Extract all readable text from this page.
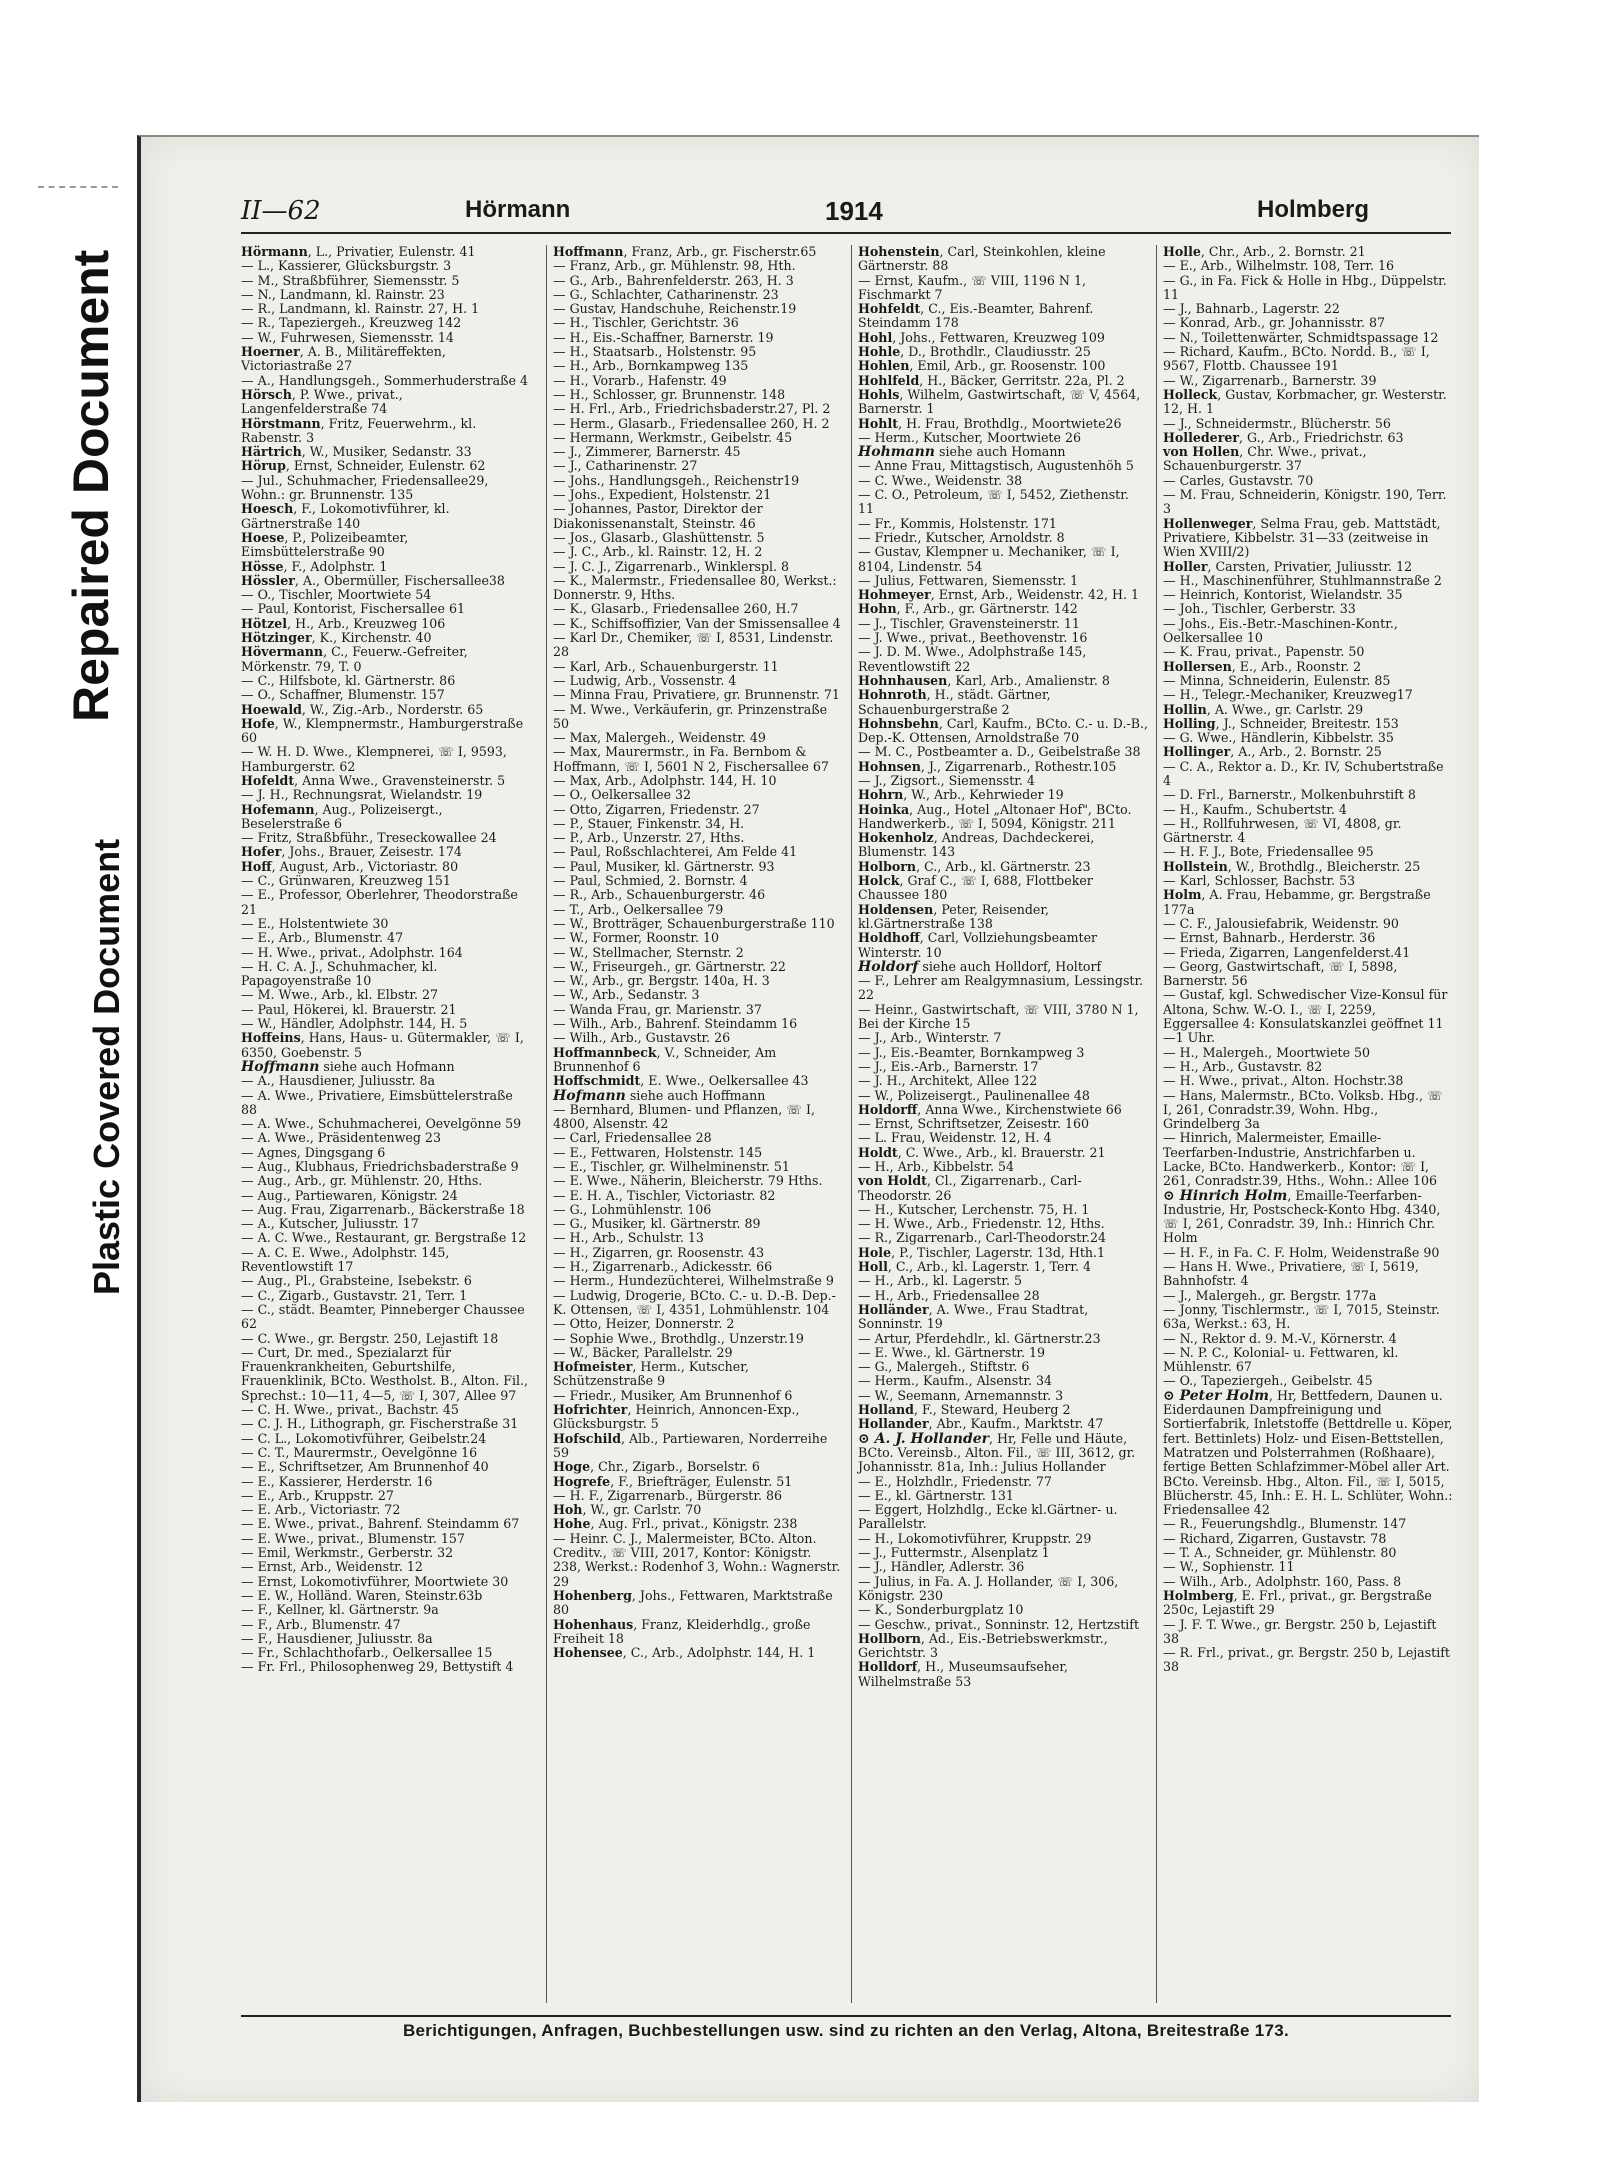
Repaired Document
Plastic Covered Document
II—62	Hörmann	1914	Holmberg

Hörmann, L., Privatier, Eulenstr. 41

— L., Kassierer, Glücksburgstr. 3

— M., Straßbführer, Siemensstr. 5

— N., Landmann, kl. Rainstr. 23

— R., Landmann, kl. Rainstr. 27, H. 1

— R., Tapeziergeh., Kreuzweg 142

— W., Fuhrwesen, Siemensstr. 14

Hoerner, A. B., Militäreffekten, Victoriastraße 27

— A., Handlungsgeh., Sommerhuderstraße 4

Hörsch, P. Wwe., privat., Langenfelderstraße 74

Hörstmann, Fritz, Feuerwehrm., kl. Rabenstr. 3

Härtrich, W., Musiker, Sedanstr. 33

Hörup, Ernst, Schneider, Eulenstr. 62

— Jul., Schuhmacher, Friedensallee29, Wohn.: gr. Brunnenstr. 135

Hoesch, F., Lokomotivführer, kl. Gärtnerstraße 140

Hoese, P., Polizeibeamter, Eimsbüttelerstraße 90

Hösse, F., Adolphstr. 1

Hössler, A., Obermüller, Fischersallee38

— O., Tischler, Moortwiete 54

— Paul, Kontorist, Fischersallee 61

Hötzel, H., Arb., Kreuzweg 106

Hötzinger, K., Kirchenstr. 40

Hövermann, C., Feuerw.-Gefreiter, Mörkenstr. 79, T. 0

— C., Hilfsbote, kl. Gärtnerstr. 86

— O., Schaffner, Blumenstr. 157

Hoewald, W., Zig.-Arb., Norderstr. 65

Hofe, W., Klempnermstr., Hamburgerstraße 60

— W. H. D. Wwe., Klempnerei, ☏ I, 9593, Hamburgerstr. 62

Hofeldt, Anna Wwe., Gravensteinerstr. 5

— J. H., Rechnungsrat, Wielandstr. 19

Hofemann, Aug., Polizeisergt., Beselerstraße 6

— Fritz, Straßbführ., Treseckowallee 24

Hofer, Johs., Brauer, Zeisestr. 174

Hoff, August, Arb., Victoriastr. 80

— C., Grünwaren, Kreuzweg 151

— E., Professor, Oberlehrer, Theodorstraße 21

— E., Holstentwiete 30

— E., Arb., Blumenstr. 47

— H. Wwe., privat., Adolphstr. 164

— H. C. A. J., Schuhmacher, kl. Papagoyenstraße 10

— M. Wwe., Arb., kl. Elbstr. 27

— Paul, Hökerei, kl. Brauerstr. 21

— W., Händler, Adolphstr. 144, H. 5

Hoffeins, Hans, Haus- u. Gütermakler, ☏ I, 6350, Goebenstr. 5

Hoffmann siehe auch Hofmann

— A., Hausdiener, Juliusstr. 8a

— A. Wwe., Privatiere, Eimsbüttelerstraße 88

— A. Wwe., Schuhmacherei, Oevelgönne 59

— A. Wwe., Präsidentenweg 23

— Agnes, Dingsgang 6

— Aug., Klubhaus, Friedrichsbaderstraße 9

— Aug., Arb., gr. Mühlenstr. 20, Hths.

— Aug., Partiewaren, Königstr. 24

— Aug. Frau, Zigarrenarb., Bäckerstraße 18

— A., Kutscher, Juliusstr. 17

— A. C. Wwe., Restaurant, gr. Bergstraße 12

— A. C. E. Wwe., Adolphstr. 145, Reventlowstift 17

— Aug., Pl., Grabsteine, Isebekstr. 6

— C., Zigarb., Gustavstr. 21, Terr. 1

— C., städt. Beamter, Pinneberger Chaussee 62

— C. Wwe., gr. Bergstr. 250, Lejastift 18

— Curt, Dr. med., Spezialarzt für Frauenkrankheiten, Geburtshilfe, Frauenklinik, BCto. Westholst. B., Alton. Fil., Sprechst.: 10—11, 4—5, ☏ I, 307, Allee 97

— C. H. Wwe., privat., Bachstr. 45

— C. J. H., Lithograph, gr. Fischerstraße 31

— C. L., Lokomotivführer, Geibelstr.24

— C. T., Maurermstr., Oevelgönne 16

— E., Schriftsetzer, Am Brunnenhof 40

— E., Kassierer, Herderstr. 16

— E., Arb., Kruppstr. 27

— E. Arb., Victoriastr. 72

— E. Wwe., privat., Bahrenf. Steindamm 67

— E. Wwe., privat., Blumenstr. 157

— Emil, Werkmstr., Gerberstr. 32

— Ernst, Arb., Weidenstr. 12

— Ernst, Lokomotivführer, Moortwiete 30

— E. W., Holländ. Waren, Steinstr.63b

— F., Kellner, kl. Gärtnerstr. 9a

— F., Arb., Blumenstr. 47

— F., Hausdiener, Juliusstr. 8a

— Fr., Schlachthofarb., Oelkersallee 15

— Fr. Frl., Philosophenweg 29, Bettystift 4

Hoffmann, Franz, Arb., gr. Fischerstr.65

— Franz, Arb., gr. Mühlenstr. 98, Hth.

— G., Arb., Bahrenfelderstr. 263, H. 3

— G., Schlachter, Catharinenstr. 23

— Gustav, Handschuhe, Reichenstr.19

— H., Tischler, Gerichtstr. 36

— H., Eis.-Schaffner, Barnerstr. 19

— H., Staatsarb., Holstenstr. 95

— H., Arb., Bornkampweg 135

— H., Vorarb., Hafenstr. 49

— H., Schlosser, gr. Brunnenstr. 148

— H. Frl., Arb., Friedrichsbaderstr.27, Pl. 2

— Herm., Glasarb., Friedensallee 260, H. 2

— Hermann, Werkmstr., Geibelstr. 45

— J., Zimmerer, Barnerstr. 45

— J., Catharinenstr. 27

— Johs., Handlungsgeh., Reichenstr19

— Johs., Expedient, Holstenstr. 21

— Johannes, Pastor, Direktor der Diakonissenanstalt, Steinstr. 46

— Jos., Glasarb., Glashüttenstr. 5

— J. C., Arb., kl. Rainstr. 12, H. 2

— J. C. J., Zigarrenarb., Winklerspl. 8

— K., Malermstr., Friedensallee 80, Werkst.: Donnerstr. 9, Hths.

— K., Glasarb., Friedensallee 260, H.7

— K., Schiffsoffizier, Van der Smissensallee 4

— Karl Dr., Chemiker, ☏ I, 8531, Lindenstr. 28

— Karl, Arb., Schauenburgerstr. 11

— Ludwig, Arb., Vossenstr. 4

— Minna Frau, Privatiere, gr. Brunnenstr. 71

— M. Wwe., Verkäuferin, gr. Prinzenstraße 50

— Max, Malergeh., Weidenstr. 49

— Max, Maurermstr., in Fa. Bernbom & Hoffmann, ☏ I, 5601 N 2, Fischersallee 67

— Max, Arb., Adolphstr. 144, H. 10

— O., Oelkersallee 32

— Otto, Zigarren, Friedenstr. 27

— P., Stauer, Finkenstr. 34, H.

— P., Arb., Unzerstr. 27, Hths.

— Paul, Roßschlachterei, Am Felde 41

— Paul, Musiker, kl. Gärtnerstr. 93

— Paul, Schmied, 2. Bornstr. 4

— R., Arb., Schauenburgerstr. 46

— T., Arb., Oelkersallee 79

— W., Brotträger, Schauenburgerstraße 110

— W., Former, Roonstr. 10

— W., Stellmacher, Sternstr. 2

— W., Friseurgeh., gr. Gärtnerstr. 22

— W., Arb., gr. Bergstr. 140a, H. 3

— W., Arb., Sedanstr. 3

— Wanda Frau, gr. Marienstr. 37

— Wilh., Arb., Bahrenf. Steindamm 16

— Wilh., Arb., Gustavstr. 26

Hoffmannbeck, V., Schneider, Am Brunnenhof 6

Hoffschmidt, E. Wwe., Oelkersallee 43

Hofmann siehe auch Hoffmann

— Bernhard, Blumen- und Pflanzen, ☏ I, 4800, Alsenstr. 42

— Carl, Friedensallee 28

— E., Fettwaren, Holstenstr. 145

— E., Tischler, gr. Wilhelminenstr. 51

— E. Wwe., Näherin, Bleicherstr. 79 Hths.

— E. H. A., Tischler, Victoriastr. 82

— G., Lohmühlenstr. 106

— G., Musiker, kl. Gärtnerstr. 89

— H., Arb., Schulstr. 13

— H., Zigarren, gr. Roosenstr. 43

— H., Zigarrenarb., Adickesstr. 66

— Herm., Hundezüchterei, Wilhelmstraße 9

— Ludwig, Drogerie, BCto. C.- u. D.-B. Dep.-K. Ottensen, ☏ I, 4351, Lohmühlenstr. 104

— Otto, Heizer, Donnerstr. 2

— Sophie Wwe., Brothdlg., Unzerstr.19

— W., Bäcker, Parallelstr. 29

Hofmeister, Herm., Kutscher, Schützenstraße 9

— Friedr., Musiker, Am Brunnenhof 6

Hofrichter, Heinrich, Annoncen-Exp., Glücksburgstr. 5

Hofschild, Alb., Partiewaren, Norderreihe 59

Hoge, Chr., Zigarb., Borselstr. 6

Hogrefe, F., Briefträger, Eulenstr. 51

— H. F., Zigarrenarb., Bürgerstr. 86

Hoh, W., gr. Carlstr. 70

Hohe, Aug. Frl., privat., Königstr. 238

— Heinr. C. J., Malermeister, BCto. Alton. Creditv., ☏ VIII, 2017, Kontor: Königstr. 238, Werkst.: Rodenhof 3, Wohn.: Wagnerstr. 29

Hohenberg, Johs., Fettwaren, Marktstraße 80

Hohenhaus, Franz, Kleiderhdlg., große Freiheit 18

Hohensee, C., Arb., Adolphstr. 144, H. 1

Hohenstein, Carl, Steinkohlen, kleine Gärtnerstr. 88

— Ernst, Kaufm., ☏ VIII, 1196 N 1, Fischmarkt 7

Hohfeldt, C., Eis.-Beamter, Bahrenf. Steindamm 178

Hohl, Johs., Fettwaren, Kreuzweg 109

Hohle, D., Brothdlr., Claudiusstr. 25

Hohlen, Emil, Arb., gr. Roosenstr. 100

Hohlfeld, H., Bäcker, Gerritstr. 22a, Pl. 2

Hohls, Wilhelm, Gastwirtschaft, ☏ V, 4564, Barnerstr. 1

Hohlt, H. Frau, Brothdlg., Moortwiete26

— Herm., Kutscher, Moortwiete 26

Hohmann siehe auch Homann

— Anne Frau, Mittagstisch, Augustenhöh 5

— C. Wwe., Weidenstr. 38

— C. O., Petroleum, ☏ I, 5452, Ziethenstr. 11

— Fr., Kommis, Holstenstr. 171

— Friedr., Kutscher, Arnoldstr. 8

— Gustav, Klempner u. Mechaniker, ☏ I, 8104, Lindenstr. 54

— Julius, Fettwaren, Siemensstr. 1

Hohmeyer, Ernst, Arb., Weidenstr. 42, H. 1

Hohn, F., Arb., gr. Gärtnerstr. 142

— J., Tischler, Gravensteinerstr. 11

— J. Wwe., privat., Beethovenstr. 16

— J. D. M. Wwe., Adolphstraße 145, Reventlowstift 22

Hohnhausen, Karl, Arb., Amalienstr. 8

Hohnroth, H., städt. Gärtner, Schauenburgerstraße 2

Hohnsbehn, Carl, Kaufm., BCto. C.- u. D.-B., Dep.-K. Ottensen, Arnoldstraße 70

— M. C., Postbeamter a. D., Geibelstraße 38

Hohnsen, J., Zigarrenarb., Rothestr.105

— J., Zigsort., Siemensstr. 4

Hohrn, W., Arb., Kehrwieder 19

Hoinka, Aug., Hotel „Altonaer Hof", BCto. Handwerkerb., ☏ I, 5094, Königstr. 211

Hokenholz, Andreas, Dachdeckerei, Blumenstr. 143

Holborn, C., Arb., kl. Gärtnerstr. 23

Holck, Graf C., ☏ I, 688, Flottbeker Chaussee 180

Holdensen, Peter, Reisender, kl.Gärtnerstraße 138

Holdhoff, Carl, Vollziehungsbeamter Winterstr. 10

Holdorf siehe auch Holldorf, Holtorf

— F., Lehrer am Realgymnasium, Lessingstr. 22

— Heinr., Gastwirtschaft, ☏ VIII, 3780 N 1, Bei der Kirche 15

— J., Arb., Winterstr. 7

— J., Eis.-Beamter, Bornkampweg 3

— J., Eis.-Arb., Barnerstr. 17

— J. H., Architekt, Allee 122

— W., Polizeisergt., Paulinenallee 48

Holdorff, Anna Wwe., Kirchenstwiete 66

— Ernst, Schriftsetzer, Zeisestr. 160

— L. Frau, Weidenstr. 12, H. 4

Holdt, C. Wwe., Arb., kl. Brauerstr. 21

— H., Arb., Kibbelstr. 54

von Holdt, Cl., Zigarrenarb., Carl-Theodorstr. 26

— H., Kutscher, Lerchenstr. 75, H. 1

— H. Wwe., Arb., Friedenstr. 12, Hths.

— R., Zigarrenarb., Carl-Theodorstr.24

Hole, P., Tischler, Lagerstr. 13d, Hth.1

Holl, C., Arb., kl. Lagerstr. 1, Terr. 4

— H., Arb., kl. Lagerstr. 5

— H., Arb., Friedensallee 28

Holländer, A. Wwe., Frau Stadtrat, Sonninstr. 19

— Artur, Pferdehdlr., kl. Gärtnerstr.23

— E. Wwe., kl. Gärtnerstr. 19

— G., Malergeh., Stiftstr. 6

— Herm., Kaufm., Alsenstr. 34

— W., Seemann, Arnemannstr. 3

Holland, F., Steward, Heuberg 2

Hollander, Abr., Kaufm., Marktstr. 47

⊙ A. J. Hollander, Hr, Felle und Häute, BCto. Vereinsb., Alton. Fil., ☏ III, 3612, gr. Johannisstr. 81a, Inh.: Julius Hollander

— E., Holzhdlr., Friedenstr. 77

— E., kl. Gärtnerstr. 131

— Eggert, Holzhdlg., Ecke kl.Gärtner- u. Parallelstr.

— H., Lokomotivführer, Kruppstr. 29

— J., Futtermstr., Alsenplatz 1

— J., Händler, Adlerstr. 36

— Julius, in Fa. A. J. Hollander, ☏ I, 306, Königstr. 230

— K., Sonderburgplatz 10

— Geschw., privat., Sonninstr. 12, Hertzstift

Hollborn, Ad., Eis.-Betriebswerkmstr., Gerichtstr. 3

Holldorf, H., Museumsaufseher, Wilhelmstraße 53

Holle, Chr., Arb., 2. Bornstr. 21

— E., Arb., Wilhelmstr. 108, Terr. 16

— G., in Fa. Fick & Holle in Hbg., Düppelstr. 11

— J., Bahnarb., Lagerstr. 22

— Konrad, Arb., gr. Johannisstr. 87

— N., Toilettenwärter, Schmidtspassage 12

— Richard, Kaufm., BCto. Nordd. B., ☏ I, 9567, Flottb. Chaussee 191

— W., Zigarrenarb., Barnerstr. 39

Holleck, Gustav, Korbmacher, gr. Westerstr. 12, H. 1

— J., Schneidermstr., Blücherstr. 56

Hollederer, G., Arb., Friedrichstr. 63

von Hollen, Chr. Wwe., privat., Schauenburgerstr. 37

— Carles, Gustavstr. 70

— M. Frau, Schneiderin, Königstr. 190, Terr. 3

Hollenweger, Selma Frau, geb. Mattstädt, Privatiere, Kibbelstr. 31—33 (zeitweise in Wien XVIII/2)

Holler, Carsten, Privatier, Juliusstr. 12

— H., Maschinenführer, Stuhlmannstraße 2

— Heinrich, Kontorist, Wielandstr. 35

— Joh., Tischler, Gerberstr. 33

— Johs., Eis.-Betr.-Maschinen-Kontr., Oelkersallee 10

— K. Frau, privat., Papenstr. 50

Hollersen, E., Arb., Roonstr. 2

— Minna, Schneiderin, Eulenstr. 85

— H., Telegr.-Mechaniker, Kreuzweg17

Hollin, A. Wwe., gr. Carlstr. 29

Holling, J., Schneider, Breitestr. 153

— G. Wwe., Händlerin, Kibbelstr. 35

Hollinger, A., Arb., 2. Bornstr. 25

— C. A., Rektor a. D., Kr. IV, Schubertstraße 4

— D. Frl., Barnerstr., Molkenbuhrstift 8

— H., Kaufm., Schubertstr. 4

— H., Rollfuhrwesen, ☏ VI, 4808, gr. Gärtnerstr. 4

— H. F. J., Bote, Friedensallee 95

Hollstein, W., Brothdlg., Bleicherstr. 25

— Karl, Schlosser, Bachstr. 53

Holm, A. Frau, Hebamme, gr. Bergstraße 177a

— C. F., Jalousiefabrik, Weidenstr. 90

— Ernst, Bahnarb., Herderstr. 36

— Frieda, Zigarren, Langenfelderst.41

— Georg, Gastwirtschaft, ☏ I, 5898, Barnerstr. 56

— Gustaf, kgl. Schwedischer Vize-Konsul für Altona, Schw. W.-O. I., ☏ I, 2259, Eggersallee 4: Konsulatskanzlei geöffnet 11—1 Uhr.

— H., Malergeh., Moortwiete 50

— H., Arb., Gustavstr. 82

— H. Wwe., privat., Alton. Hochstr.38

— Hans, Malermstr., BCto. Volksb. Hbg., ☏ I, 261, Conradstr.39, Wohn. Hbg., Grindelberg 3a

— Hinrich, Malermeister, Emaille-Teerfarben-Industrie, Anstrichfarben u. Lacke, BCto. Handwerkerb., Kontor: ☏ I, 261, Conradstr.39, Hths., Wohn.: Allee 106

⊙ Hinrich Holm, Emaille-Teerfarben-Industrie, Hr, Postscheck-Konto Hbg. 4340, ☏ I, 261, Conradstr. 39, Inh.: Hinrich Chr. Holm

— H. F., in Fa. C. F. Holm, Weidenstraße 90

— Hans H. Wwe., Privatiere, ☏ I, 5619, Bahnhofstr. 4

— J., Malergeh., gr. Bergstr. 177a

— Jonny, Tischlermstr., ☏ I, 7015, Steinstr. 63a, Werkst.: 63, H.

— N., Rektor d. 9. M.-V., Körnerstr. 4

— N. P. C., Kolonial- u. Fettwaren, kl. Mühlenstr. 67

— O., Tapeziergeh., Geibelstr. 45

⊙ Peter Holm, Hr, Bettfedern, Daunen u. Eiderdaunen Dampfreinigung und Sortierfabrik, Inletstoffe (Bettdrelle u. Köper, fert. Bettinlets) Holz- und Eisen-Bettstellen, Matratzen und Polsterrahmen (Roßhaare), fertige Betten Schlafzimmer-Möbel aller Art. BCto. Vereinsb. Hbg., Alton. Fil., ☏ I, 5015, Blücherstr. 45, Inh.: E. H. L. Schlüter, Wohn.: Friedensallee 42

— R., Feuerungshdlg., Blumenstr. 147

— Richard, Zigarren, Gustavstr. 78

— T. A., Schneider, gr. Mühlenstr. 80

— W., Sophienstr. 11

— Wilh., Arb., Adolphstr. 160, Pass. 8

Holmberg, E. Frl., privat., gr. Bergstraße 250c, Lejastift 29

— J. F. T. Wwe., gr. Bergstr. 250 b, Lejastift 38

— R. Frl., privat., gr. Bergstr. 250 b, Lejastift 38

Berichtigungen, Anfragen, Buchbestellungen usw. sind zu richten an den Verlag, Altona, Breitestraße 173.
